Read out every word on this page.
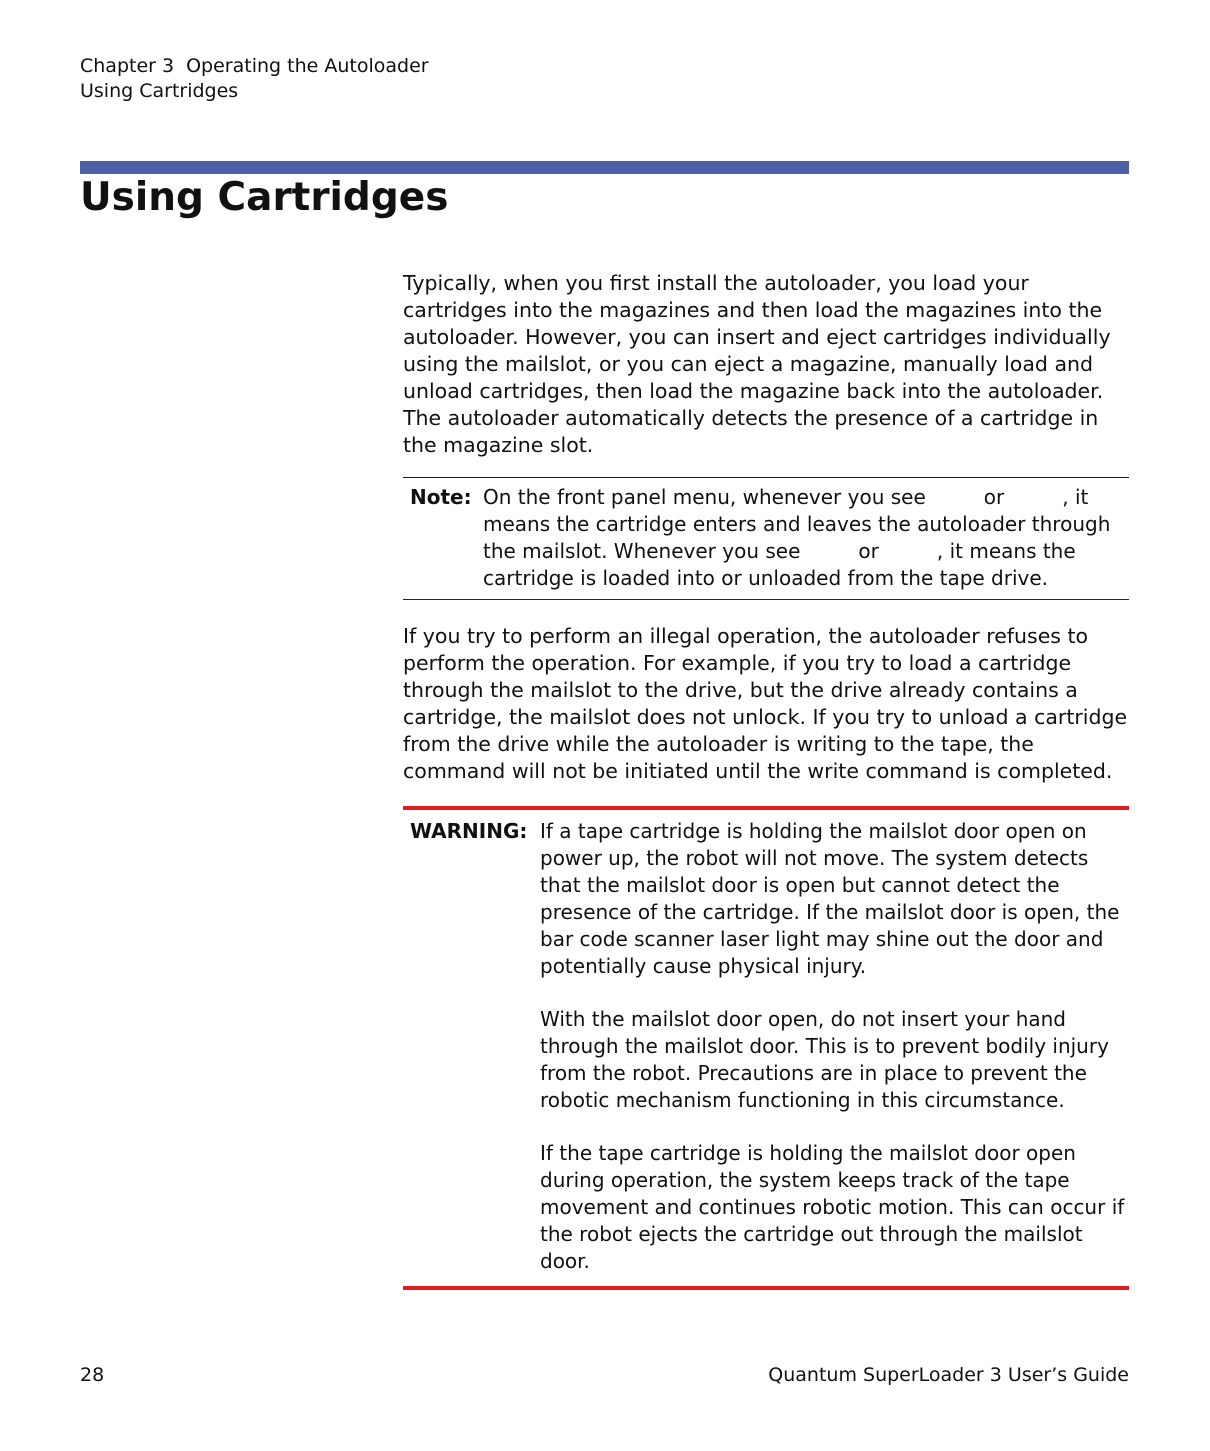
Chapter 3 Operating the Autoloader
Using Cartridges
Using Cartridges

Typically, when you first install the autoloader, you load your cartridges into the magazines and then load the magazines into the autoloader. However, you can insert and eject cartridges individually using the mailslot, or you can eject a magazine, manually load and unload cartridges, then load the magazine back into the autoloader. The autoloader automatically detects the presence of a cartridge in the magazine slot.

Note: On the front panel menu, whenever you see	or	, it means the cartridge enters and leaves the autoloader through the mailslot. Whenever you see	or	, it means the cartridge is loaded into or unloaded from the tape drive.

If you try to perform an illegal operation, the autoloader refuses to perform the operation. For example, if you try to load a cartridge through the mailslot to the drive, but the drive already contains a cartridge, the mailslot does not unlock. If you try to unload a cartridge from the drive while the autoloader is writing to the tape, the command will not be initiated until the write command is completed.

WARNING: If a tape cartridge is holding the mailslot door open on power up, the robot will not move. The system detects that the mailslot door is open but cannot detect the presence of the cartridge. If the mailslot door is open, the bar code scanner laser light may shine out the door and potentially cause physical injury.

With the mailslot door open, do not insert your hand through the mailslot door. This is to prevent bodily injury from the robot. Precautions are in place to prevent the robotic mechanism functioning in this circumstance.

If the tape cartridge is holding the mailslot door open during operation, the system keeps track of the tape movement and continues robotic motion. This can occur if the robot ejects the cartridge out through the mailslot door.

28	Quantum SuperLoader 3 User’s Guide
